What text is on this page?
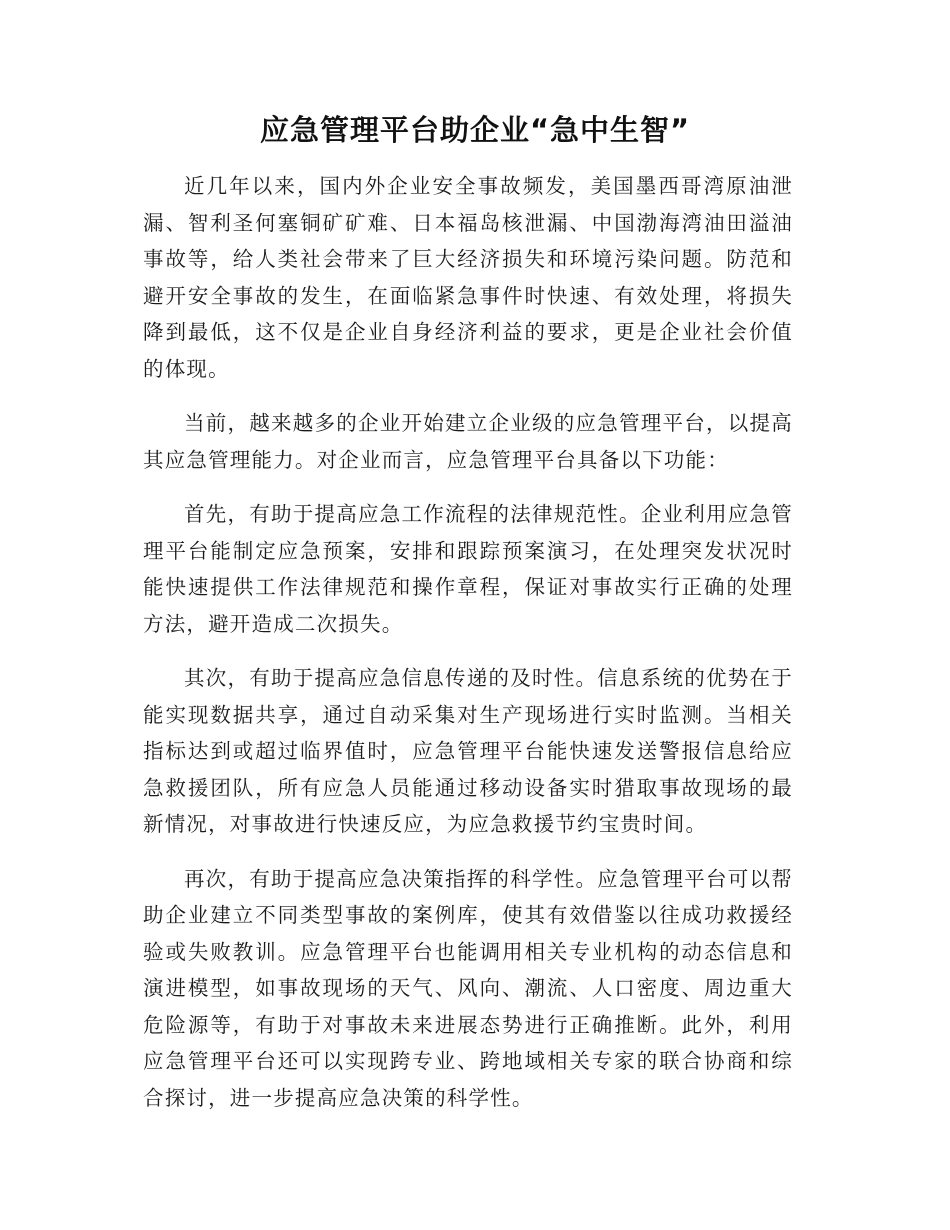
应急管理平台助企业“急中生智”

近几年以来，国内外企业安全事故频发，美国墨西哥湾原油泄漏、智利圣何塞铜矿矿难、日本福岛核泄漏、中国渤海湾油田溢油事故等，给人类社会带来了巨大经济损失和环境污染问题。防范和避开安全事故的发生，在面临紧急事件时快速、有效处理，将损失降到最低，这不仅是企业自身经济利益的要求，更是企业社会价值的体现。

当前，越来越多的企业开始建立企业级的应急管理平台，以提高其应急管理能力。对企业而言，应急管理平台具备以下功能：

首先，有助于提高应急工作流程的法律规范性。企业利用应急管理平台能制定应急预案，安排和跟踪预案演习，在处理突发状况时能快速提供工作法律规范和操作章程，保证对事故实行正确的处理方法，避开造成二次损失。

其次，有助于提高应急信息传递的及时性。信息系统的优势在于能实现数据共享，通过自动采集对生产现场进行实时监测。当相关指标达到或超过临界值时，应急管理平台能快速发送警报信息给应急救援团队，所有应急人员能通过移动设备实时猎取事故现场的最新情况，对事故进行快速反应，为应急救援节约宝贵时间。

再次，有助于提高应急决策指挥的科学性。应急管理平台可以帮助企业建立不同类型事故的案例库，使其有效借鉴以往成功救援经验或失败教训。应急管理平台也能调用相关专业机构的动态信息和演进模型，如事故现场的天气、风向、潮流、人口密度、周边重大危险源等，有助于对事故未来进展态势进行正确推断。此外，利用应急管理平台还可以实现跨专业、跨地域相关专家的联合协商和综合探讨，进一步提高应急决策的科学性。
